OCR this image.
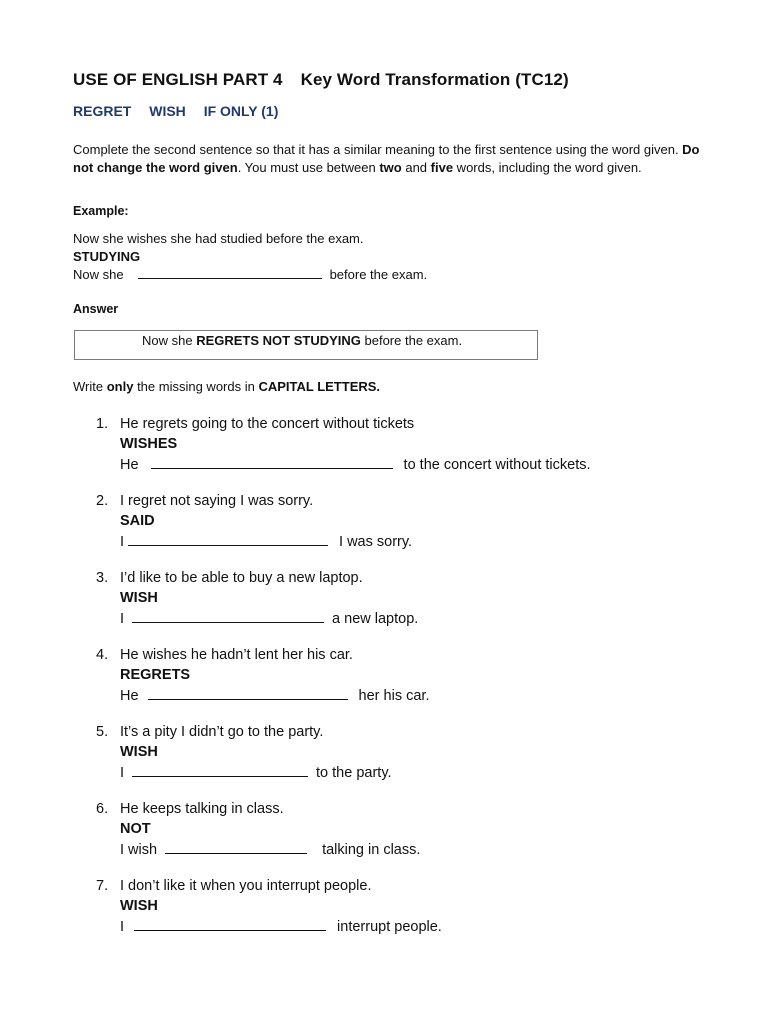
USE OF ENGLISH PART 4 Key Word Transformation (TC12)
REGRET WISH IF ONLY (1)
Complete the second sentence so that it has a similar meaning to the first sentence using the word given. Do not change the word given. You must use between two and five words, including the word given.
Example:
Now she wishes she had studied before the exam.
STUDYING
Now she	before the exam.
Answer
Now she REGRETS NOT STUDYING before the exam.
Write only the missing words in CAPITAL LETTERS.
1. He regrets going to the concert without tickets
WISHES
He	to the concert without tickets.
2. I regret not saying I was sorry.
SAID
I	I was sorry.
3. I’d like to be able to buy a new laptop.
WISH
I	a new laptop.
4. He wishes he hadn’t lent her his car.
REGRETS
He	her his car.
5. It’s a pity I didn’t go to the party.
WISH
I	to the party.
6. He keeps talking in class.
NOT
I wish	talking in class.
7. I don’t like it when you interrupt people.
WISH
I	interrupt people.
